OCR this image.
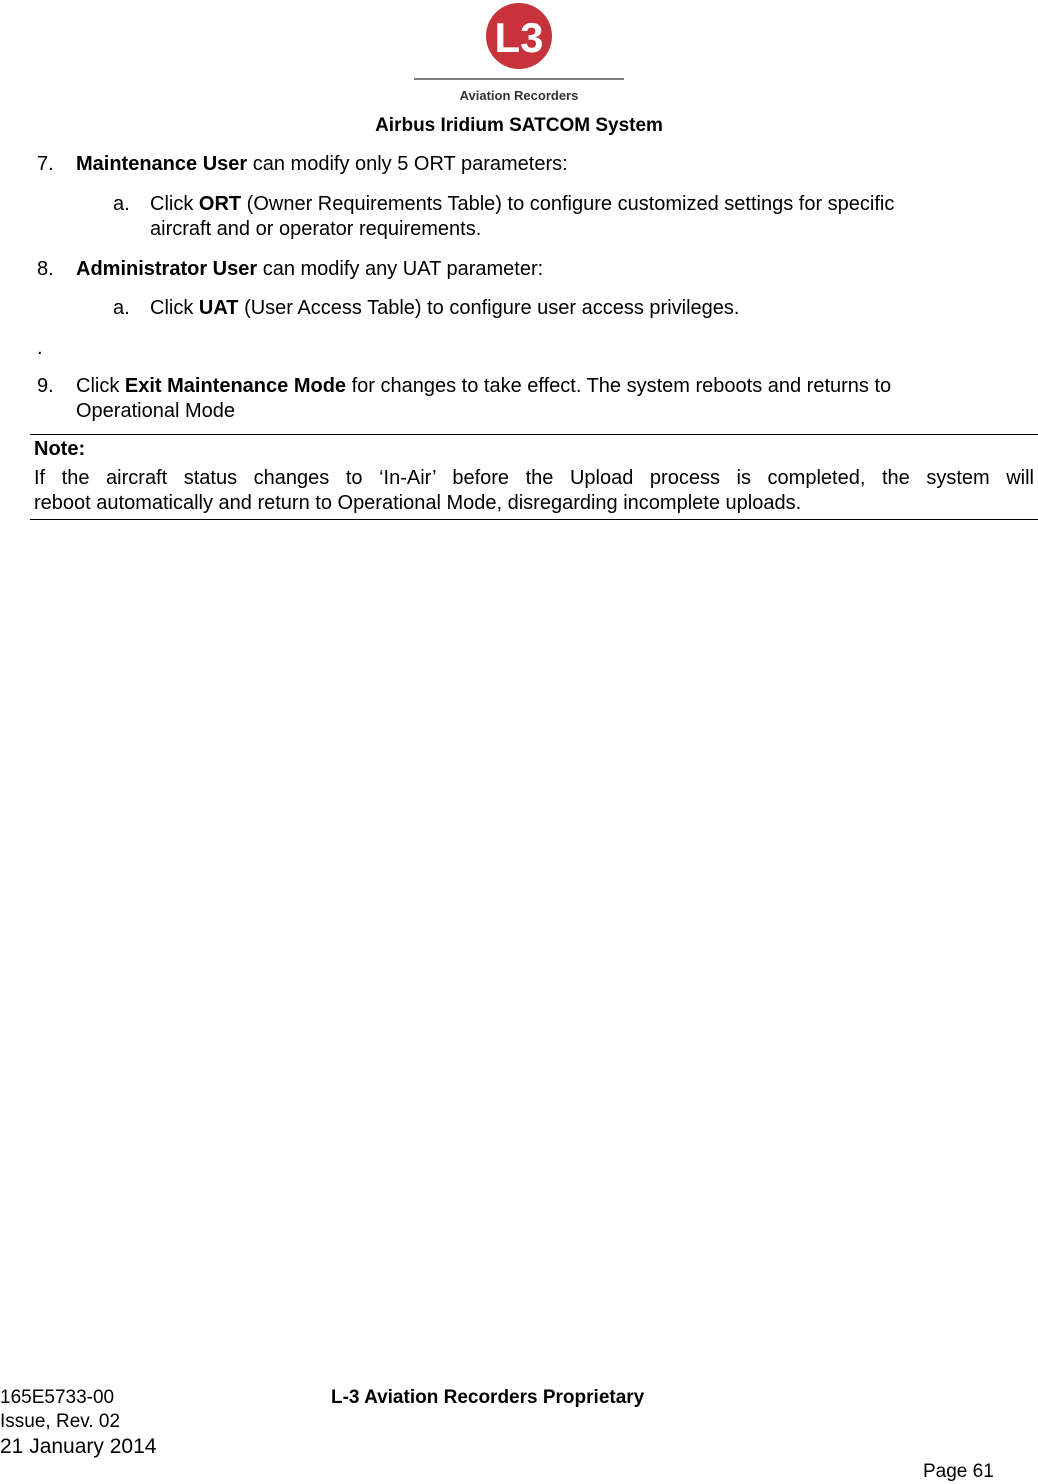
L3
Aviation Recorders
Airbus Iridium SATCOM System
7. Maintenance User can modify only 5 ORT parameters:
a. Click ORT (Owner Requirements Table) to configure customized settings for specific
aircraft and or operator requirements.
8. Administrator User can modify any UAT parameter:
a. Click UAT (User Access Table) to configure user access privileges.
.
9. Click Exit Maintenance Mode for changes to take effect. The system reboots and returns to
Operational Mode
Note:
If the aircraft status changes to ‘In-Air’ before the Upload process is completed, the system will
reboot automatically and return to Operational Mode, disregarding incomplete uploads.
165E5733-00	L-3 Aviation Recorders Proprietary
Issue, Rev. 02
21 January 2014
Page 61
